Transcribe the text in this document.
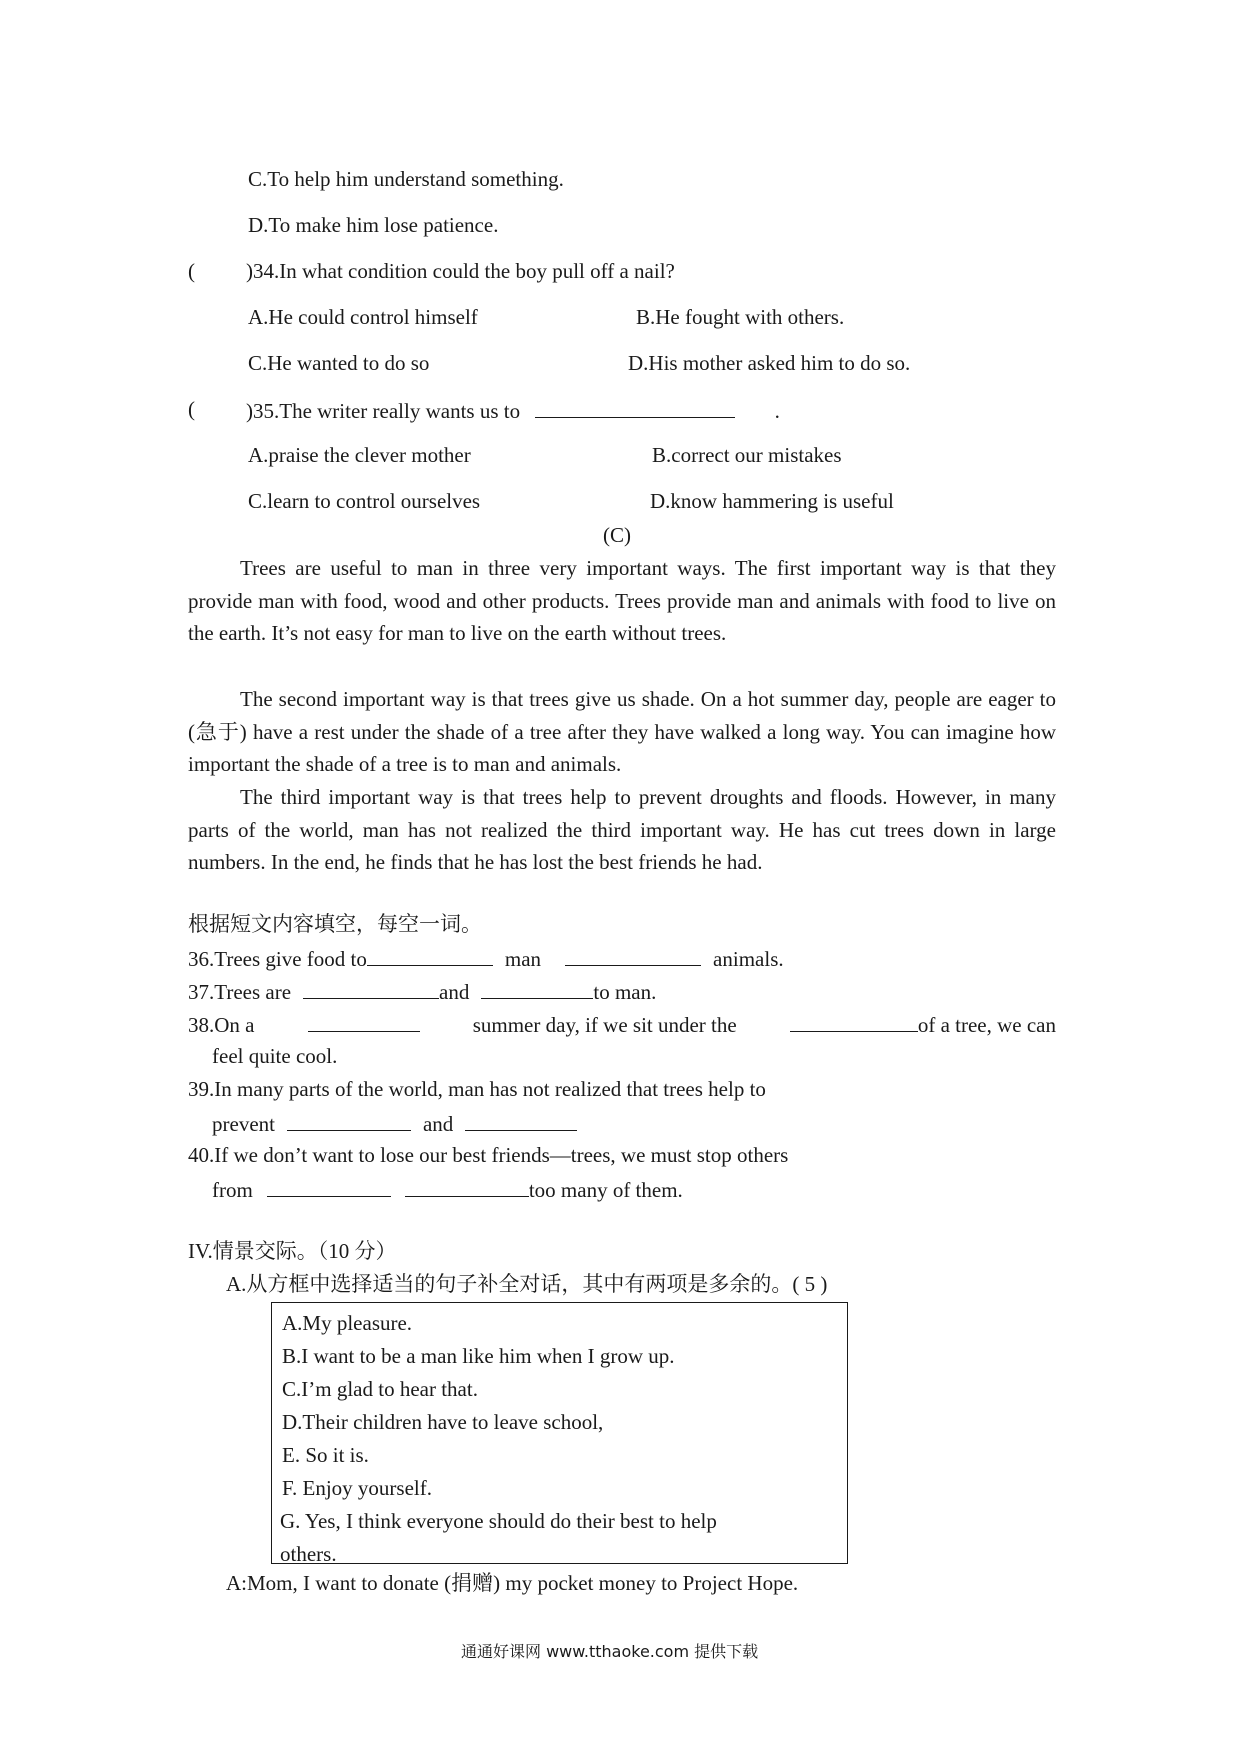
C.To help him understand something.
D.To make him lose patience.
( )34.In what condition could the boy pull off a nail?
A.He could control himself	B.He fought with others.
C.He wanted to do so	D.His mother asked him to do so.
( )35.The writer really wants us to	.
A.praise the clever mother	B.correct our mistakes
C.learn to control ourselves	D.know hammering is useful
(C)
Trees are useful to man in three very important ways. The first important way is that they provide man with food, wood and other products. Trees provide man and animals with food to live on the earth. It’s not easy for man to live on the earth without trees.
The second important way is that trees give us shade. On a hot summer day, people are eager to (急于) have a rest under the shade of a tree after they have walked a long way. You can imagine how important the shade of a tree is to man and animals.
The third important way is that trees help to prevent droughts and floods. However, in many parts of the world, man has not realized the third important way. He has cut trees down in large numbers. In the end, he finds that he has lost the best friends he had.
根据短文内容填空，每空一词。
36.Trees give food to	man	animals.
37.Trees are	and	to man.
38.On a	summer day, if we sit under the	of a tree, we can
feel quite cool.
39.In many parts of the world, man has not realized that trees help to
prevent	and
40.If we don’t want to lose our best friends—trees, we must stop others
from	too many of them.
IV.情景交际。（10 分）
A.从方框中选择适当的句子补全对话，其中有两项是多余的。( 5 )
A.My pleasure.
B.I want to be a man like him when I grow up.
C.I’m glad to hear that.
D.Their children have to leave school,
E. So it is.
F. Enjoy yourself.
G. Yes, I think everyone should do their best to help
others.
A:Mom, I want to donate (捐赠) my pocket money to Project Hope.
通通好课网 www.tthaoke.com 提供下载
